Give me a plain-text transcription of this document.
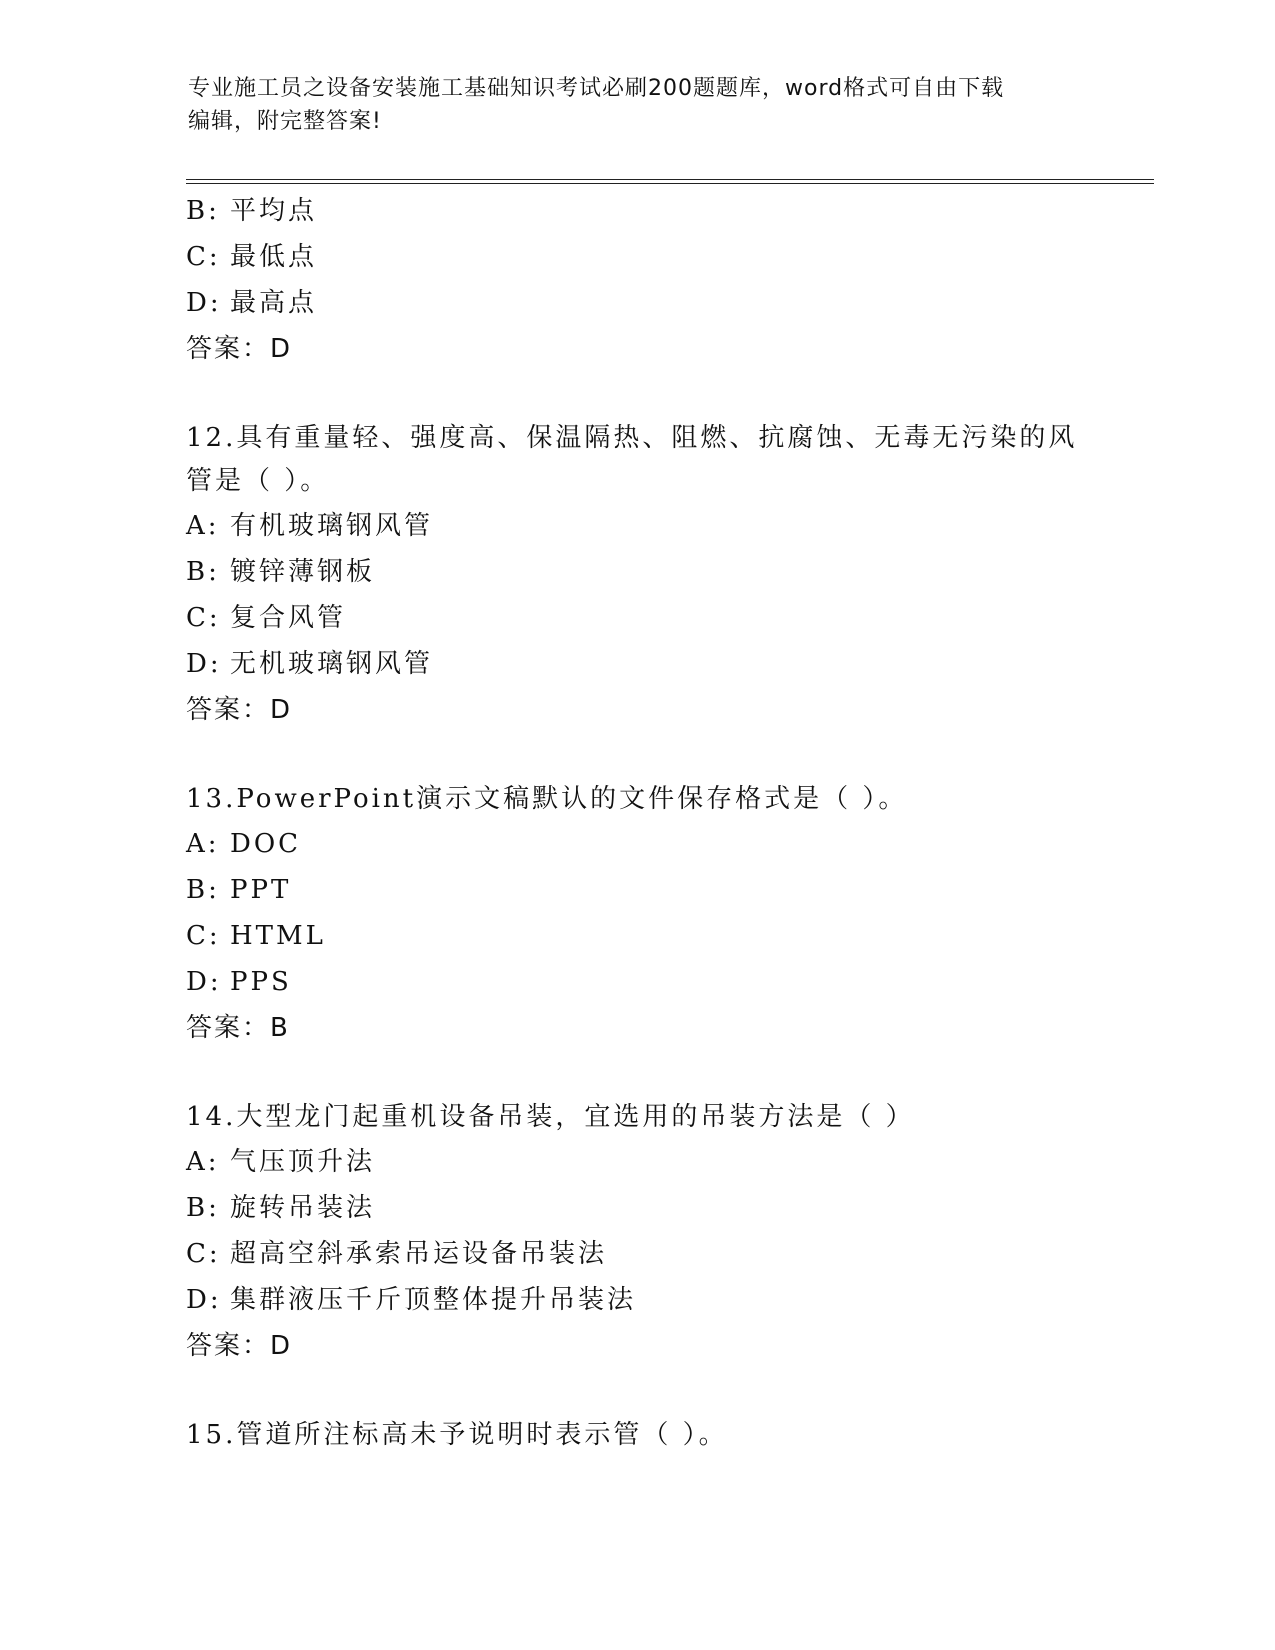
专业施工员之设备安装施工基础知识考试必刷200题题库，word格式可自由下载
编辑，附完整答案!
B: 平均点
C: 最低点
D: 最高点
答案：D
12.具有重量轻、强度高、保温隔热、阻燃、抗腐蚀、无毒无污染的风
管是（ ）。
A: 有机玻璃钢风管
B: 镀锌薄钢板
C: 复合风管
D: 无机玻璃钢风管
答案：D
13.PowerPoint演示文稿默认的文件保存格式是（ ）。
A: DOC
B: PPT
C: HTML
D: PPS
答案：B
14.大型龙门起重机设备吊装，宜选用的吊装方法是（ ）
A: 气压顶升法
B: 旋转吊装法
C: 超高空斜承索吊运设备吊装法
D: 集群液压千斤顶整体提升吊装法
答案：D
15.管道所注标高未予说明时表示管（ ）。
